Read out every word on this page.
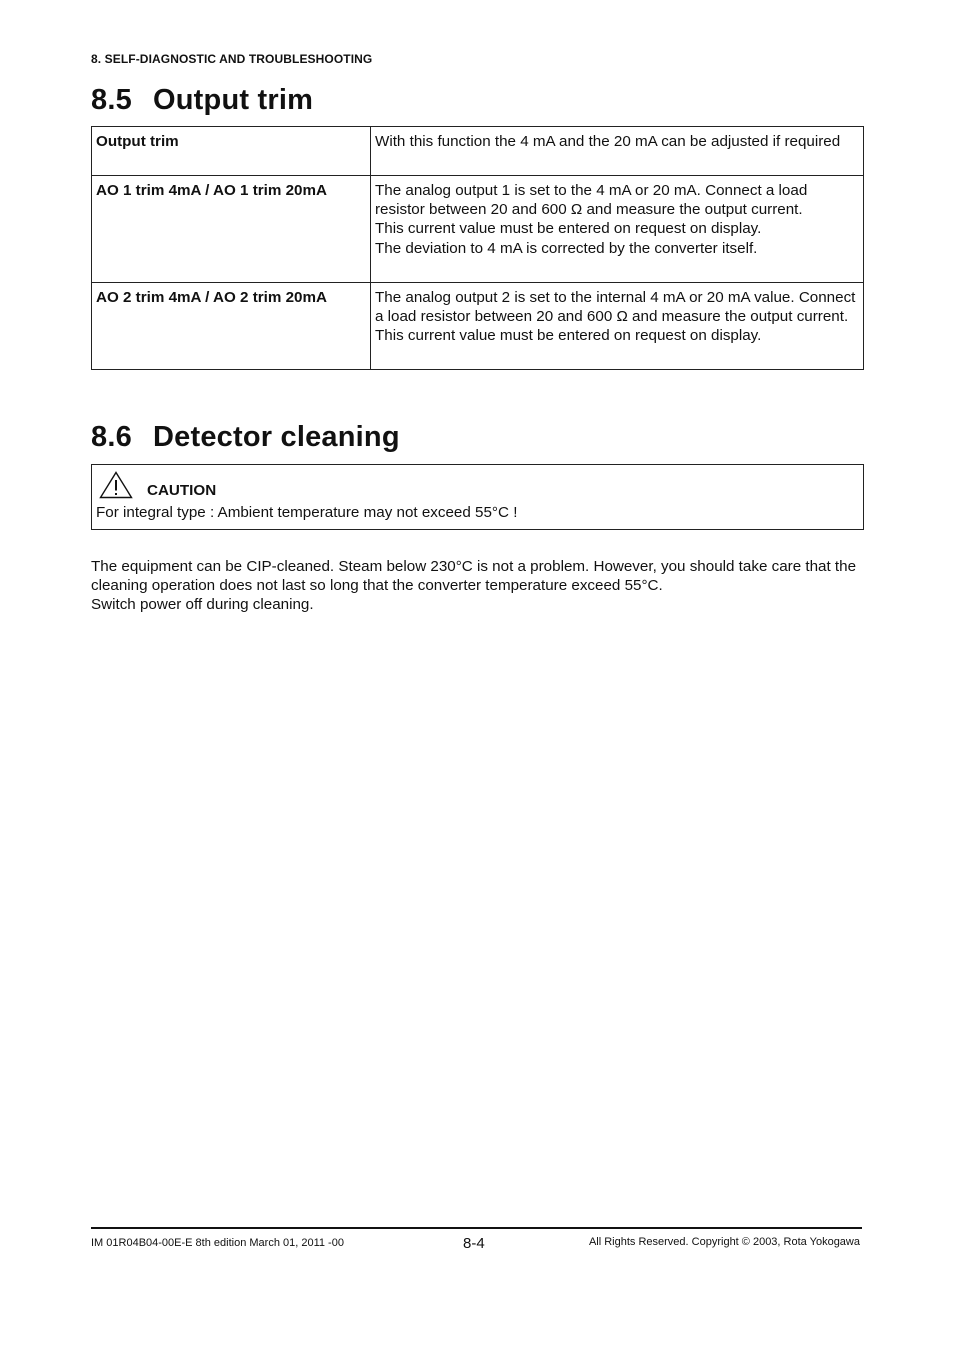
8. SELF-DIAGNOSTIC AND TROUBLESHOOTING
8.5 Output trim
Output trim	With this function the 4 mA and the 20 mA can be adjusted if required

AO 1 trim 4mA / AO 1 trim 20mA	The analog output 1 is set to the 4 mA or 20 mA. Connect a load resistor between 20 and 600 Ω and measure the output current.

This current value must be entered on request on display.

The deviation to 4 mA is corrected by the converter itself.

AO 2 trim 4mA / AO 2 trim 20mA	The analog output 2 is set to the internal 4 mA or 20 mA value. Connect a load resistor between 20 and 600 Ω and measure the output current.

This current value must be entered on request on display.

8.6 Detector cleaning
CAUTION
For integral type : Ambient temperature may not exceed 55°C !

The equipment can be CIP-cleaned. Steam below 230°C is not a problem. However, you should take care that the cleaning operation does not last so long that the converter temperature exceed 55°C.

Switch power off during cleaning.

IM 01R04B04-00E-E 8th edition March 01, 2011 -00	8-4	All Rights Reserved. Copyright © 2003, Rota Yokogawa
